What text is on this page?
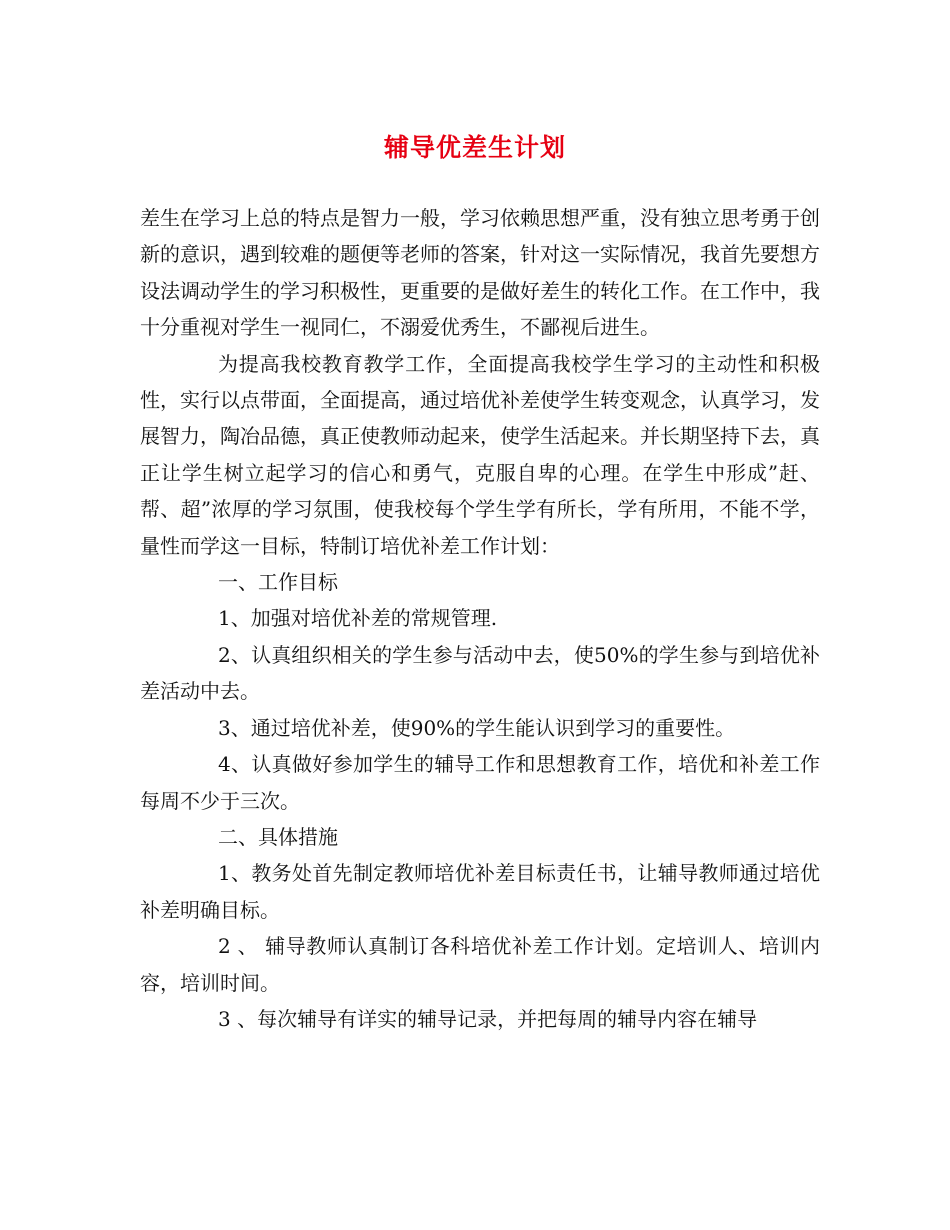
辅导优差生计划

差生在学习上总的特点是智力一般，学习依赖思想严重，没有独立思考勇于创新的意识，遇到较难的题便等老师的答案，针对这一实际情况，我首先要想方设法调动学生的学习积极性，更重要的是做好差生的转化工作。在工作中，我十分重视对学生一视同仁，不溺爱优秀生，不鄙视后进生。

为提高我校教育教学工作，全面提高我校学生学习的主动性和积极性，实行以点带面，全面提高，通过培优补差使学生转变观念，认真学习，发展智力，陶冶品德，真正使教师动起来，使学生活起来。并长期坚持下去，真正让学生树立起学习的信心和勇气，克服自卑的心理。在学生中形成”赶、帮、超”浓厚的学习氛围，使我校每个学生学有所长，学有所用，不能不学，量性而学这一目标，特制订培优补差工作计划：

一、工作目标

1、加强对培优补差的常规管理.

2、认真组织相关的学生参与活动中去，使50%的学生参与到培优补差活动中去。

3、通过培优补差，使90%的学生能认识到学习的重要性。

4、认真做好参加学生的辅导工作和思想教育工作，培优和补差工作每周不少于三次。

二、具体措施

1、教务处首先制定教师培优补差目标责任书，让辅导教师通过培优补差明确目标。

2 、 辅导教师认真制订各科培优补差工作计划。定培训人、培训内容，培训时间。

3 、每次辅导有详实的辅导记录，并把每周的辅导内容在辅导
